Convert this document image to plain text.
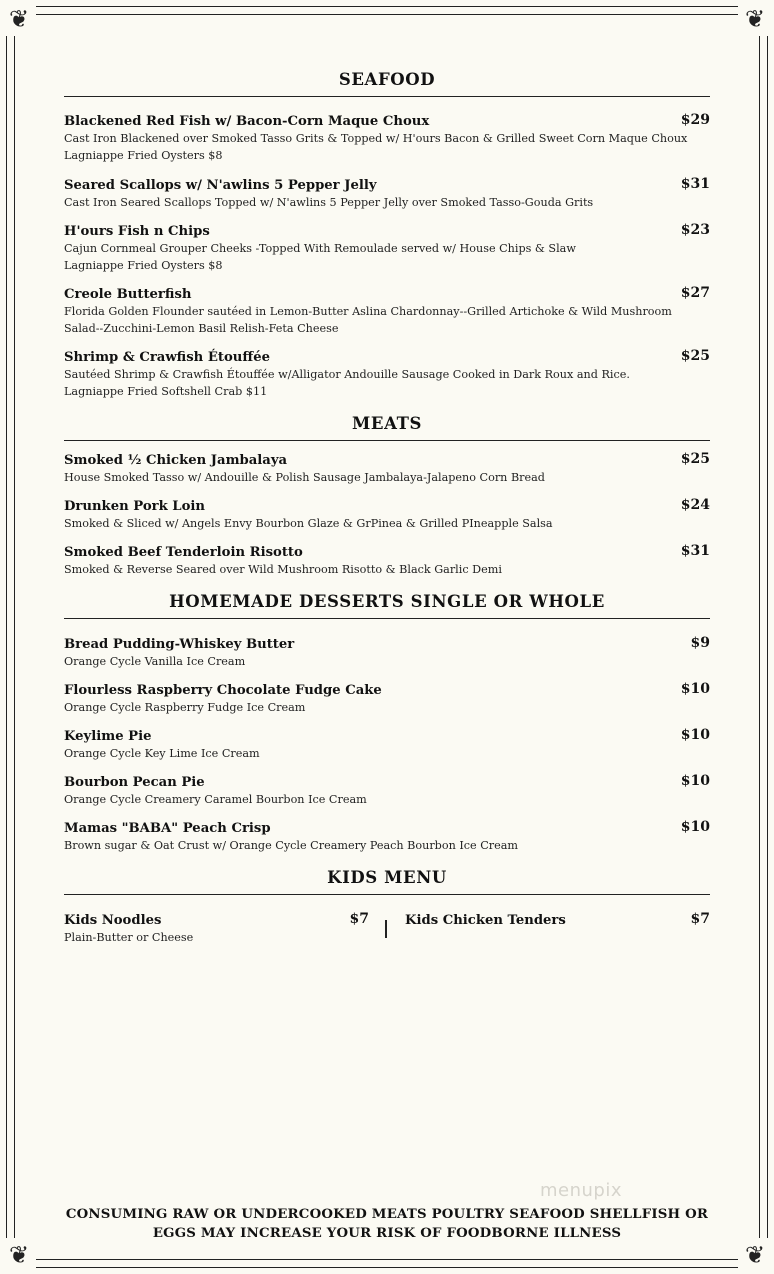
❦	❦
❦	❦
SEAFOOD
Blackened Red Fish w/ Bacon-Corn Maque Choux	$29
Cast Iron Blackened over Smoked Tasso Grits & Topped w/ H'ours Bacon & Grilled Sweet Corn Maque Choux
Lagniappe Fried Oysters $8
Seared Scallops w/ N'awlins 5 Pepper Jelly	$31
Cast Iron Seared Scallops Topped w/ N'awlins 5 Pepper Jelly over Smoked Tasso-Gouda Grits
H'ours Fish n Chips	$23
Cajun Cornmeal Grouper Cheeks -Topped With Remoulade served w/ House Chips & Slaw
Lagniappe Fried Oysters $8
Creole Butterfish	$27
Florida Golden Flounder sautéed in Lemon-Butter Aslina Chardonnay--Grilled Artichoke & Wild Mushroom
Salad--Zucchini-Lemon Basil Relish-Feta Cheese
Shrimp & Crawfish Étouffée	$25
Sautéed Shrimp & Crawfish Étouffée w/Alligator Andouille Sausage Cooked in Dark Roux and Rice.
Lagniappe Fried Softshell Crab $11
MEATS
Smoked ½ Chicken Jambalaya	$25
House Smoked Tasso w/ Andouille & Polish Sausage Jambalaya-Jalapeno Corn Bread
Drunken Pork Loin	$24
Smoked & Sliced w/ Angels Envy Bourbon Glaze & GrPinea & Grilled PIneapple Salsa
Smoked Beef Tenderloin Risotto	$31
Smoked & Reverse Seared over Wild Mushroom Risotto & Black Garlic Demi
HOMEMADE DESSERTS SINGLE OR WHOLE
Bread Pudding-Whiskey Butter	$9
Orange Cycle Vanilla Ice Cream
Flourless Raspberry Chocolate Fudge Cake	$10
Orange Cycle Raspberry Fudge Ice Cream
Keylime Pie	$10
Orange Cycle Key Lime Ice Cream
Bourbon Pecan Pie	$10
Orange Cycle Creamery Caramel Bourbon Ice Cream
Mamas "BABA" Peach Crisp	$10
Brown sugar & Oat Crust w/ Orange Cycle Creamery Peach Bourbon Ice Cream
KIDS MENU
Kids Noodles	$7
Plain-Butter or Cheese
Kids Chicken Tenders	$7
menupix
CONSUMING RAW OR UNDERCOOKED MEATS POULTRY SEAFOOD SHELLFISH OR
EGGS MAY INCREASE YOUR RISK OF FOODBORNE ILLNESS
